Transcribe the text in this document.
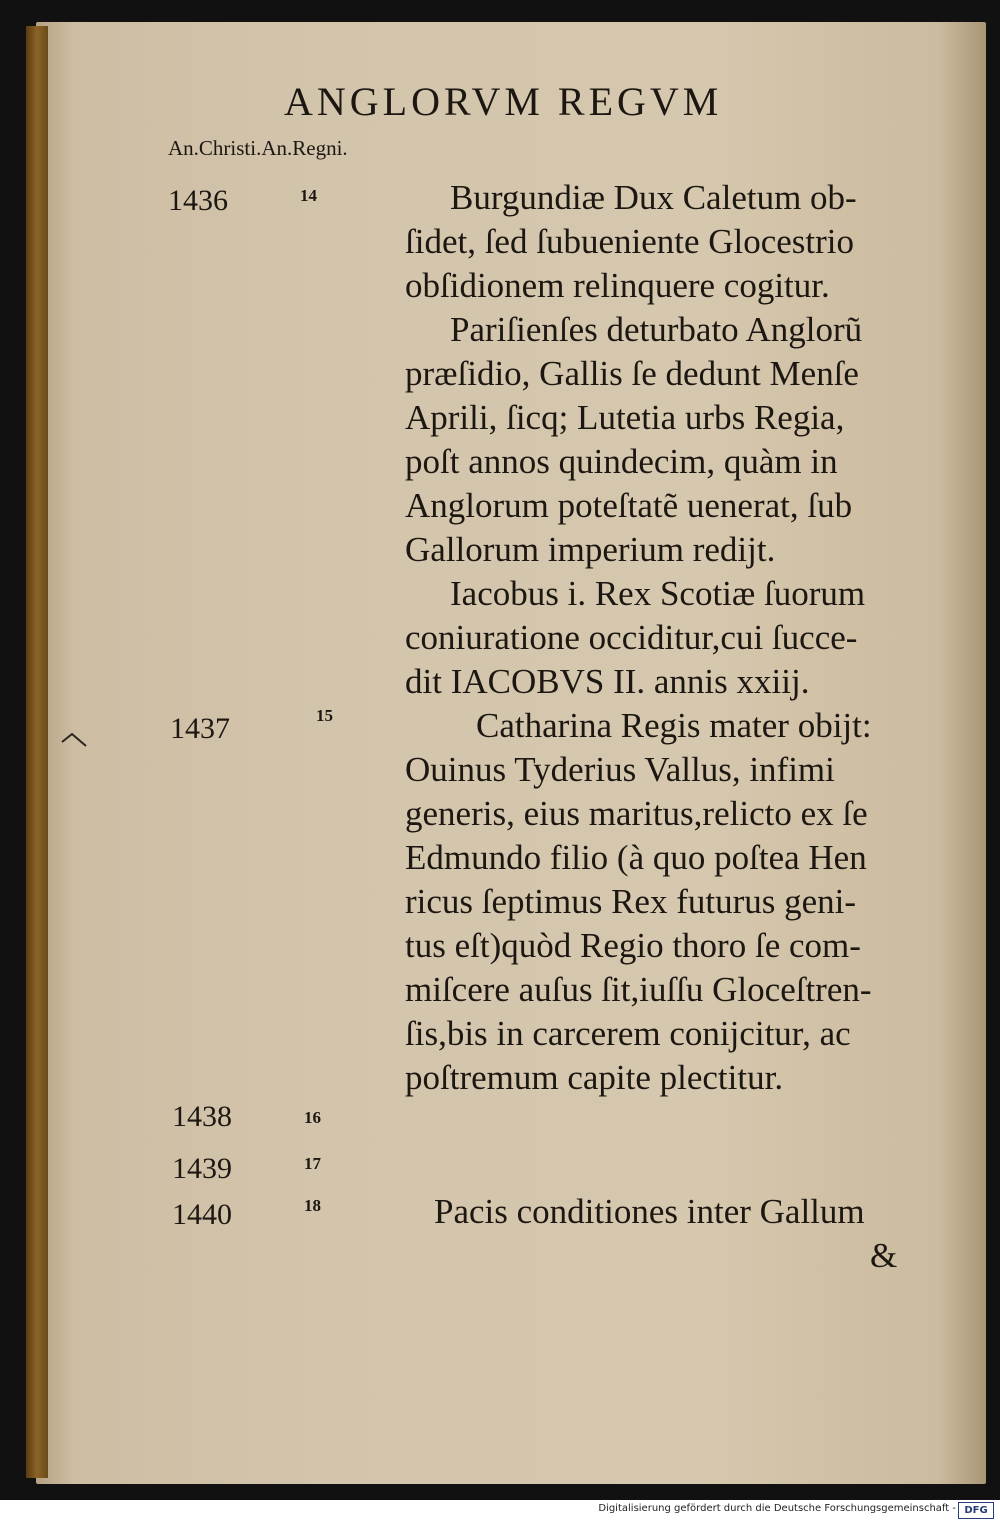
ANGLORVM REGVM
An.Christi.An.Regni.
1436	14
1437	15
1438	16
1439	17
1440	18
Burgundiæ Dux Caletum ob-
ſidet, ſed ſubueniente Glocestrio
obſidionem relinquere cogitur.
Pariſienſes deturbato Anglorũ
præſidio, Gallis ſe dedunt Menſe
Aprili, ſicq; Lutetia urbs Regia,
poſt annos quindecim, quàm in
Anglorum poteſtatẽ uenerat, ſub
Gallorum imperium redijt.
Iacobus i. Rex Scotiæ ſuorum
coniuratione occiditur,cui ſucce-
dit IACOBVS II. annis xxiij.
Catharina Regis mater obijt:
Ouinus Tyderius Vallus, infimi
generis, eius maritus,relicto ex ſe
Edmundo filio (à quo poſtea Hen
ricus ſeptimus Rex futurus geni-
tus eſt)quòd Regio thoro ſe com-
miſcere auſus ſit,iuſſu Gloceſtren-
ſis,bis in carcerem conijcitur, ac
poſtremum capite plectitur.
Pacis conditiones inter Gallum
&
Digitalisierung gefördert durch die Deutsche Forschungsgemeinschaft - DFG
